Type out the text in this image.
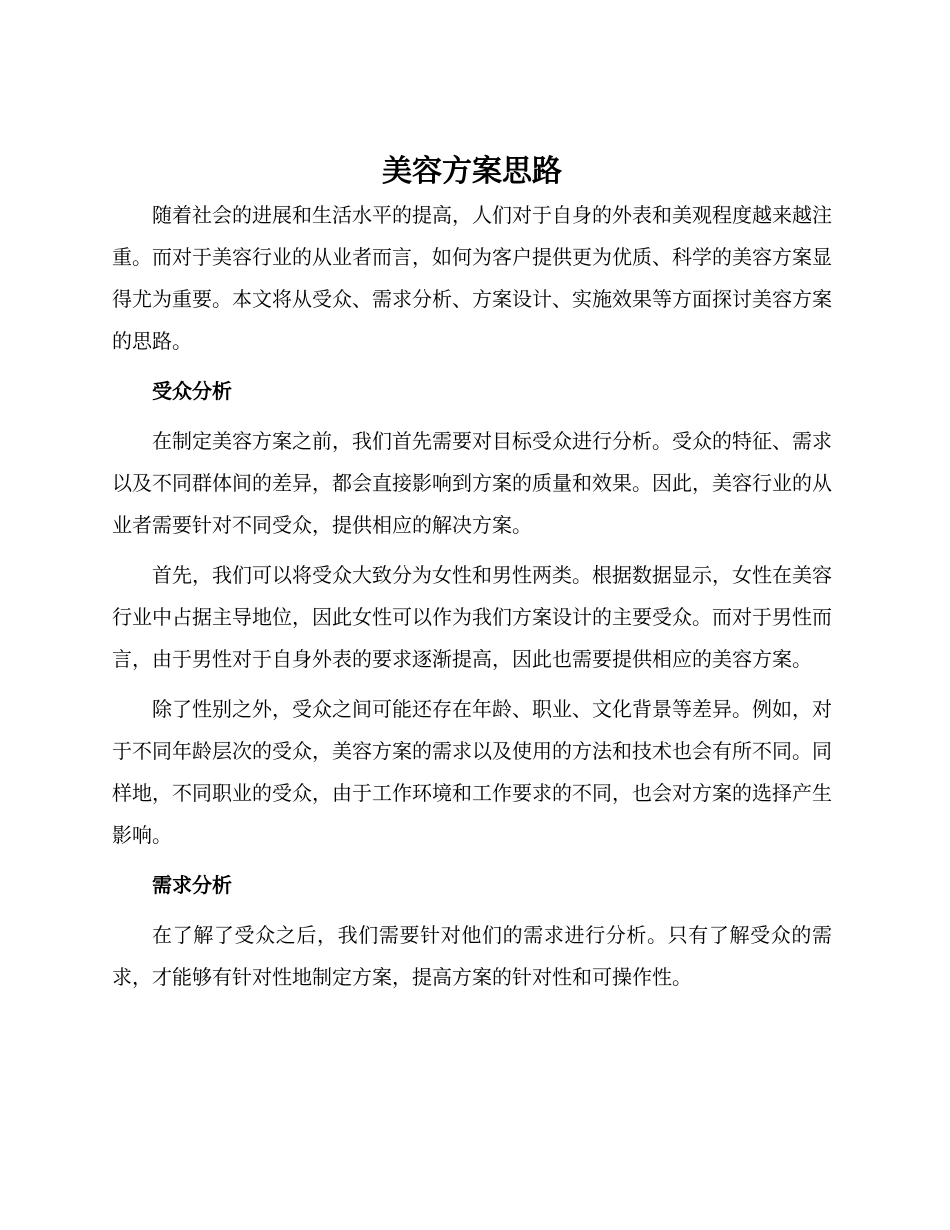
美容方案思路

随着社会的进展和生活水平的提高，人们对于自身的外表和美观程度越来越注重。而对于美容行业的从业者而言，如何为客户提供更为优质、科学的美容方案显得尤为重要。本文将从受众、需求分析、方案设计、实施效果等方面探讨美容方案的思路。

受众分析

在制定美容方案之前，我们首先需要对目标受众进行分析。受众的特征、需求以及不同群体间的差异，都会直接影响到方案的质量和效果。因此，美容行业的从业者需要针对不同受众，提供相应的解决方案。

首先，我们可以将受众大致分为女性和男性两类。根据数据显示，女性在美容行业中占据主导地位，因此女性可以作为我们方案设计的主要受众。而对于男性而言，由于男性对于自身外表的要求逐渐提高，因此也需要提供相应的美容方案。

除了性别之外，受众之间可能还存在年龄、职业、文化背景等差异。例如，对于不同年龄层次的受众，美容方案的需求以及使用的方法和技术也会有所不同。同样地，不同职业的受众，由于工作环境和工作要求的不同，也会对方案的选择产生影响。

需求分析

在了解了受众之后，我们需要针对他们的需求进行分析。只有了解受众的需求，才能够有针对性地制定方案，提高方案的针对性和可操作性。
